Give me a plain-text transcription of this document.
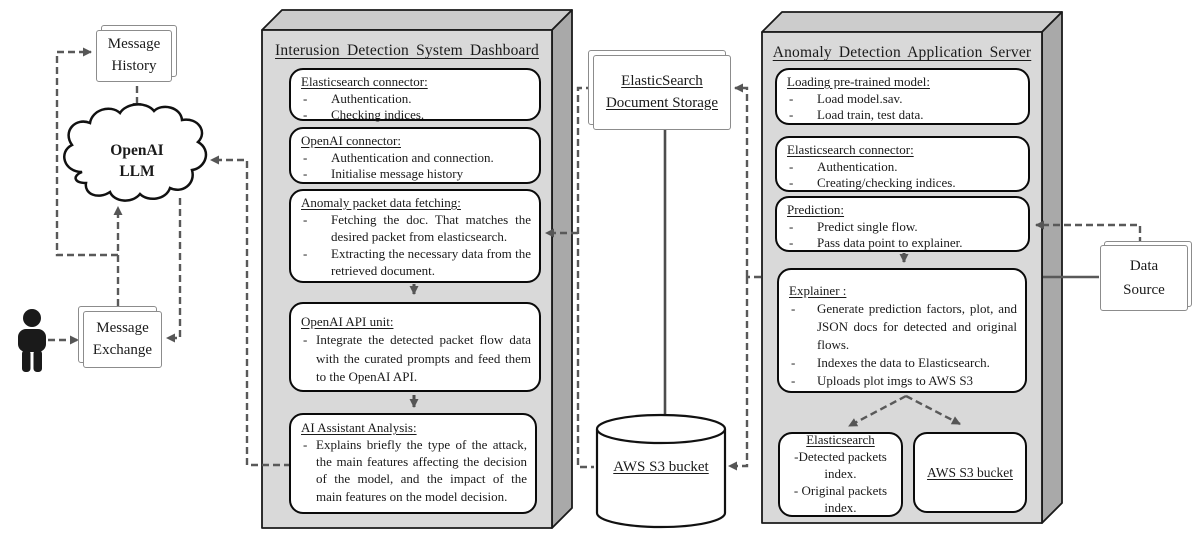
Message History
OpenAI LLM
Message Exchange
Interusion Detection System Dashboard
Elasticsearch connector:
-	Authentication.
-	Checking indices.
OpenAI connector:
-	Authentication and connection.
-	Initialise message history
Anomaly packet data fetching:
-	Fetching the doc. That matches the desired packet from elasticsearch.
-	Extracting the necessary data from the retrieved document.
OpenAI API unit:
- Integrate the detected packet flow data with the curated prompts and feed them to the OpenAI API.
AI Assistant Analysis:
- Explains briefly the type of the attack, the main features affecting the decision of the model, and the impact of the main features on the model decision.
ElasticSearch Document Storage
AWS S3 bucket
Anomaly Detection Application Server
Loading pre-trained model:
-	Load model.sav.
-	Load train, test data.
Elasticsearch connector:
-	Authentication.
-	Creating/checking indices.
Prediction:
-	Predict single flow.
-	Pass data point to explainer.
Explainer :
-	Generate prediction factors, plot, and JSON docs for detected and original flows.
-	Indexes the data to Elasticsearch.
-	Uploads plot imgs to AWS S3
Elasticsearch
-Detected packets index.
- Original packets index.
AWS S3 bucket
Data Source
